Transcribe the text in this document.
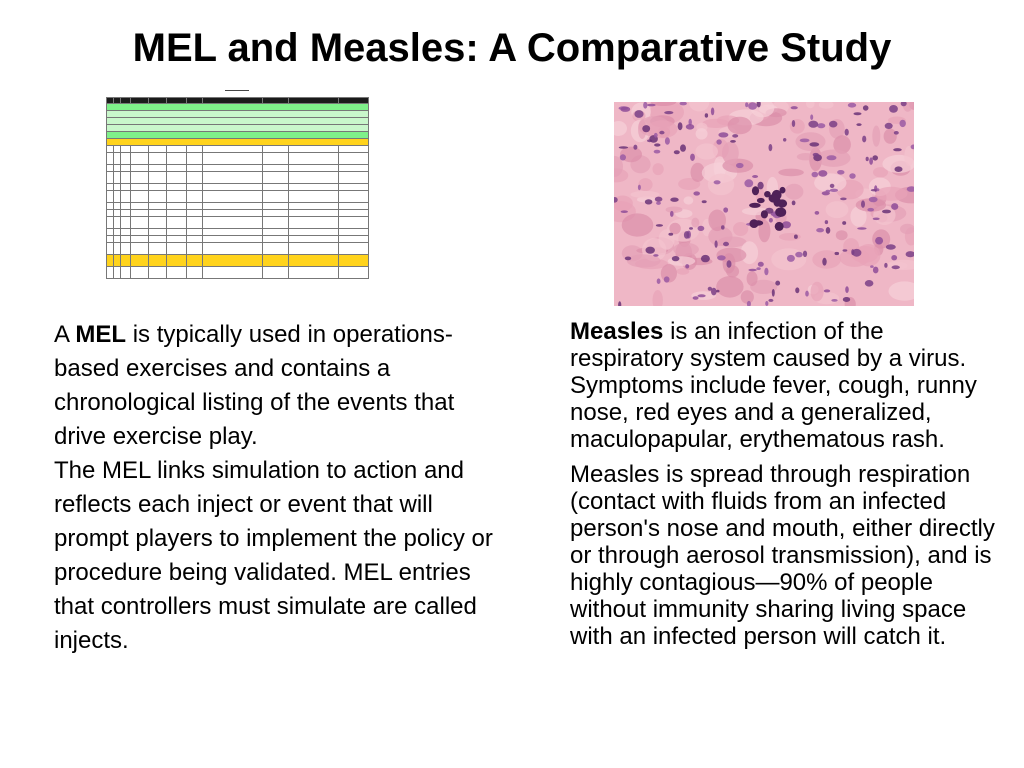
MEL and Measles: A Comparative Study
▬▬▬▬▬▬▬▬

A MEL is typically used in operations-based exercises and contains a chronological listing of the events that drive exercise play.

The MEL links simulation to action and reflects each inject or event that will prompt players to implement the policy or procedure being validated. MEL entries that controllers must simulate are called injects.

Measles is an infection of the respiratory system caused by a virus. Symptoms include fever, cough, runny nose, red eyes and a generalized, maculopapular, erythematous rash.

Measles is spread through respiration (contact with fluids from an infected person's nose and mouth, either directly or through aerosol transmission), and is highly contagious—90% of people without immunity sharing living space with an infected person will catch it.
